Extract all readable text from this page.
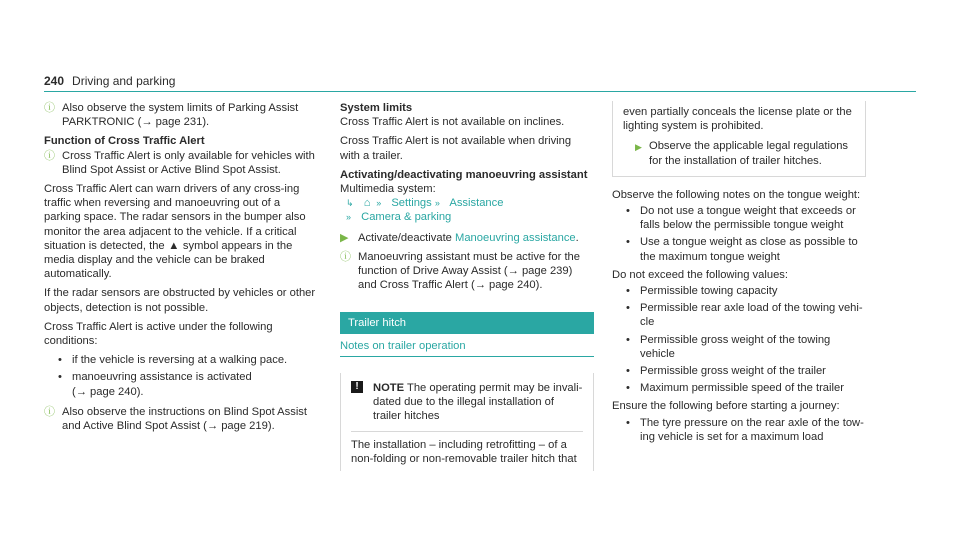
240 Driving and parking
ⓘ Also observe the system limits of Parking Assist PARKTRONIC (→ page 231).

Function of Cross Traffic Alert

ⓘ Cross Traffic Alert is only available for vehicles with Blind Spot Assist or Active Blind Spot Assist.

Cross Traffic Alert can warn drivers of any cross-ing traffic when reversing and manoeuvring out of a parking space. The radar sensors in the bumper also monitor the area adjacent to the vehicle. If a critical situation is detected, the ▲ symbol appears in the media display and the vehicle can be braked automatically.

If the radar sensors are obstructed by vehicles or other objects, detection is not possible.

Cross Traffic Alert is active under the following conditions:

• if the vehicle is reversing at a walking pace.
• manoeuvring assistance is activated (→ page 240).
ⓘ Also observe the instructions on Blind Spot Assist and Active Blind Spot Assist (→ page 219).

System limits

Cross Traffic Alert is not available on inclines.

Cross Traffic Alert is not available when driving with a trailer.

Activating/deactivating manoeuvring assistant

Multimedia system:
↳ ⌂ » Settings » Assistance
» Camera & parking
▶ Activate/deactivate Manoeuvring assistance.
ⓘ Manoeuvring assistant must be active for the function of Drive Away Assist (→ page 239) and Cross Traffic Alert (→ page 240).
Trailer hitch
Notes on trailer operation
! NOTE The operating permit may be invali-dated due to the illegal installation of trailer hitches
The installation – including retrofitting – of a non-folding or non-removable trailer hitch that
even partially conceals the license plate or the lighting system is prohibited.
▶ Observe the applicable legal regulations for the installation of trailer hitches.

Observe the following notes on the tongue weight:

• Do not use a tongue weight that exceeds or falls below the permissible tongue weight
• Use a tongue weight as close as possible to the maximum tongue weight

Do not exceed the following values:

• Permissible towing capacity
• Permissible rear axle load of the towing vehi-cle
• Permissible gross weight of the towing vehicle
• Permissible gross weight of the trailer
• Maximum permissible speed of the trailer

Ensure the following before starting a journey:

• The tyre pressure on the rear axle of the tow-ing vehicle is set for a maximum load
